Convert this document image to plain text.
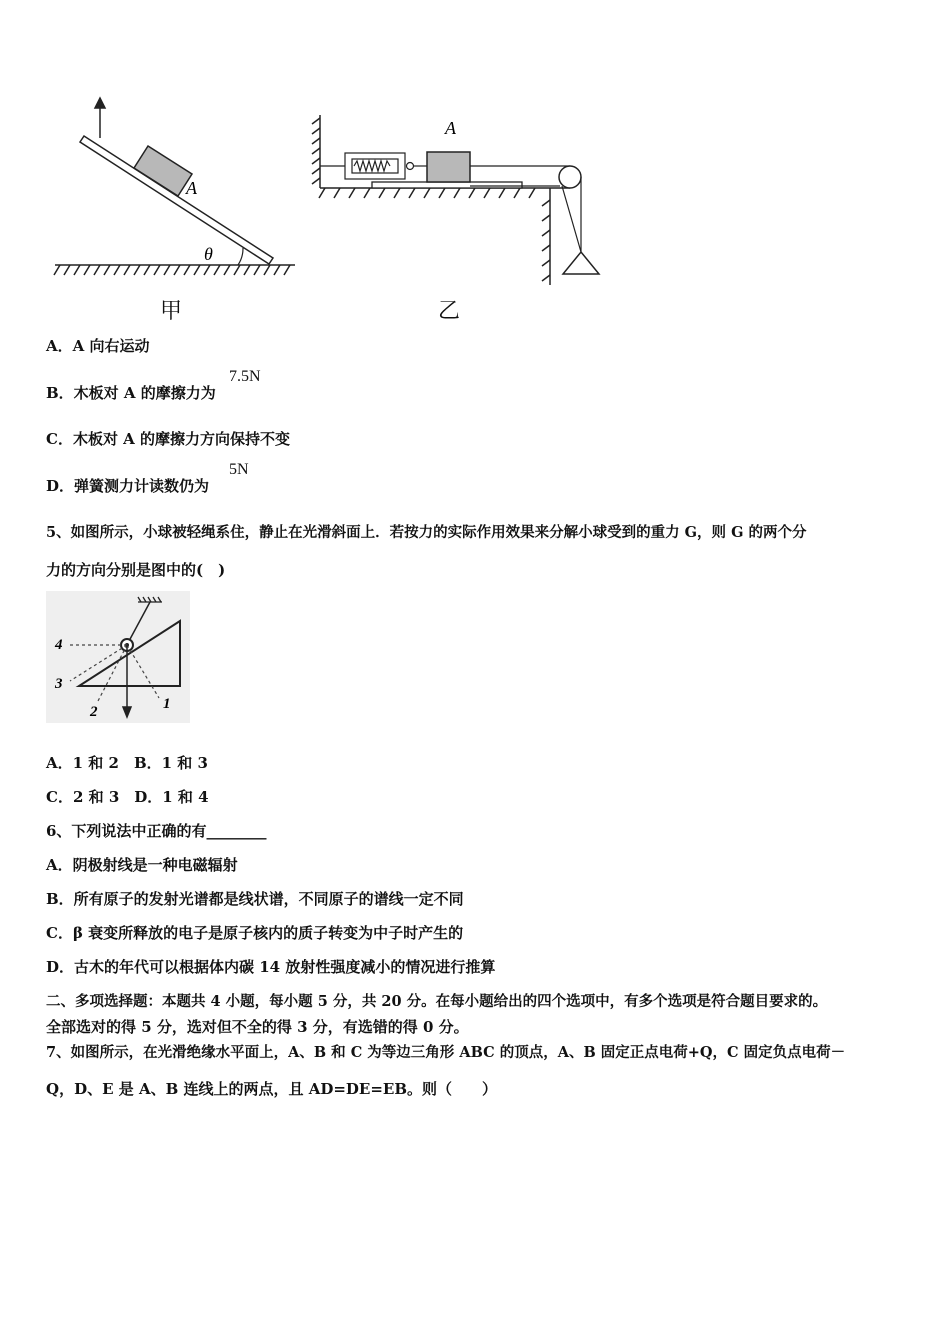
θ
A
A
甲	乙
A．A 向右运动
B．木板对 A 的摩擦力为
7.5N
C．木板对 A 的摩擦力方向保持不变
D．弹簧测力计读数仍为
5N
5、如图所示，小球被轻绳系住，静止在光滑斜面上．若按力的实际作用效果来分解小球受到的重力 G，则 G 的两个分
力的方向分别是图中的(　)
4
3
2	1
A．1 和 2　B．1 和 3
C．2 和 3　D．1 和 4
6、下列说法中正确的有________
A．阴极射线是一种电磁辐射
B．所有原子的发射光谱都是线状谱，不同原子的谱线一定不同
C．β 衰变所释放的电子是原子核内的质子转变为中子时产生的
D．古木的年代可以根据体内碳 14 放射性强度减小的情况进行推算
二、多项选择题：本题共 4 小题，每小题 5 分，共 20 分。在每小题给出的四个选项中，有多个选项是符合题目要求的。
全部选对的得 5 分，选对但不全的得 3 分，有选错的得 0 分。
7、如图所示，在光滑绝缘水平面上，A、B 和 C 为等边三角形 ABC 的顶点，A、B 固定正点电荷+Q，C 固定负点电荷－
Q，D、E 是 A、B 连线上的两点，且 AD=DE=EB。则（　　）
